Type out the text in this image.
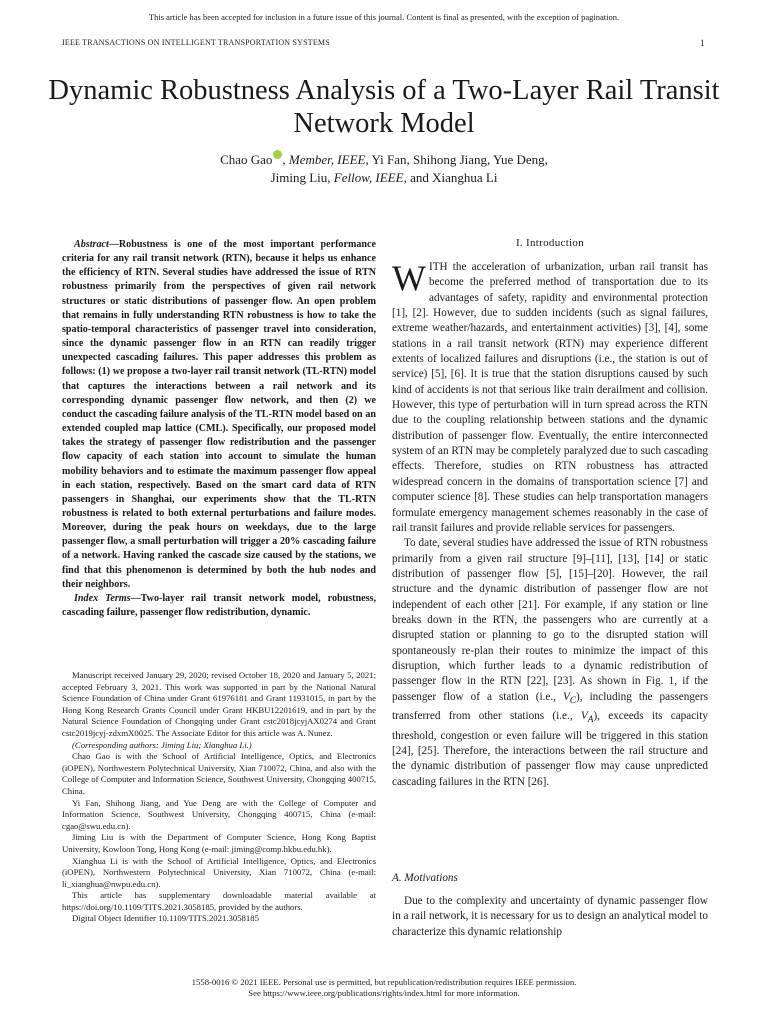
This article has been accepted for inclusion in a future issue of this journal. Content is final as presented, with the exception of pagination.
IEEE TRANSACTIONS ON INTELLIGENT TRANSPORTATION SYSTEMS	1
Dynamic Robustness Analysis of a Two-Layer Rail Transit Network Model
Chao Gao , Member, IEEE, Yi Fan, Shihong Jiang, Yue Deng,
Jiming Liu, Fellow, IEEE, and Xianghua Li

Abstract—Robustness is one of the most important performance criteria for any rail transit network (RTN), because it helps us enhance the efficiency of RTN. Several studies have addressed the issue of RTN robustness primarily from the perspectives of given rail network structures or static distributions of passenger flow. An open problem that remains in fully understanding RTN robustness is how to take the spatio-temporal characteristics of passenger travel into consideration, since the dynamic passenger flow in an RTN can readily trigger unexpected cascading failures. This paper addresses this problem as follows: (1) we propose a two-layer rail transit network (TL-RTN) model that captures the interactions between a rail network and its corresponding dynamic passenger flow network, and then (2) we conduct the cascading failure analysis of the TL-RTN model based on an extended coupled map lattice (CML). Specifically, our proposed model takes the strategy of passenger flow redistribution and the passenger flow capacity of each station into account to simulate the human mobility behaviors and to estimate the maximum passenger flow appeal in each station, respectively. Based on the smart card data of RTN passengers in Shanghai, our experiments show that the TL-RTN robustness is related to both external perturbations and failure modes. Moreover, during the peak hours on weekdays, due to the large passenger flow, a small perturbation will trigger a 20% cascading failure of a network. Having ranked the cascade size caused by the stations, we find that this phenomenon is determined by both the hub nodes and their neighbors.

Index Terms—Two-layer rail transit network model, robustness, cascading failure, passenger flow redistribution, dynamic.

Manuscript received January 29, 2020; revised October 18, 2020 and January 5, 2021; accepted February 3, 2021. This work was supported in part by the National Natural Science Foundation of China under Grant 61976181 and Grant 11931015, in part by the Hong Kong Research Grants Council under Grant HKBU12201619, and in part by the Natural Science Foundation of Chongqing under Grant cstc2018jcyjAX0274 and Grant cstc2019jcyj-zdxmX0025. The Associate Editor for this article was A. Nunez.

(Corresponding authors: Jiming Liu; Xianghua Li.)

Chao Gao is with the School of Artificial Intelligence, Optics, and Electronics (iOPEN), Northwestern Polytechnical University, Xian 710072, China, and also with the College of Computer and Information Science, Southwest University, Chongqing 400715, China.

Yi Fan, Shihong Jiang, and Yue Deng are with the College of Computer and Information Science, Southwest University, Chongqing 400715, China (e-mail: cgao@swu.edu.cn).

Jiming Liu is with the Department of Computer Science, Hong Kong Baptist University, Kowloon Tong, Hong Kong (e-mail: jiming@comp.hkbu.edu.hk).

Xianghua Li is with the School of Artificial Intelligence, Optics, and Electronics (iOPEN), Northwestern Polytechnical University, Xian 710072, China (e-mail: li_xianghua@nwpu.edu.cn).

This article has supplementary downloadable material available at https://doi.org/10.1109/TITS.2021.3058185, provided by the authors.

Digital Object Identifier 10.1109/TITS.2021.3058185

I. Introduction

WITH the acceleration of urbanization, urban rail transit has become the preferred method of transportation due to its advantages of safety, rapidity and environmental protection [1], [2]. However, due to sudden incidents (such as signal failures, extreme weather/hazards, and entertainment activities) [3], [4], some stations in a rail transit network (RTN) may experience different extents of localized failures and disruptions (i.e., the station is out of service) [5], [6]. It is true that the station disruptions caused by such kind of accidents is not that serious like train derailment and collision. However, this type of perturbation will in turn spread across the RTN due to the coupling relationship between stations and the dynamic distribution of passenger flow. Eventually, the entire interconnected system of an RTN may be completely paralyzed due to such cascading effects. Therefore, studies on RTN robustness has attracted widespread concern in the domains of transportation science [7] and computer science [8]. These studies can help transportation managers formulate emergency management schemes reasonably in the case of rail transit failures and provide reliable services for passengers.

To date, several studies have addressed the issue of RTN robustness primarily from a given rail structure [9]–[11], [13], [14] or static distribution of passenger flow [5], [15]–[20]. However, the rail structure and the dynamic distribution of passenger flow are not independent of each other [21]. For example, if any station or line breaks down in the RTN, the passengers who are currently at a disrupted station or planning to go to the disrupted station will spontaneously re-plan their routes to minimize the impact of this disruption, which further leads to a dynamic redistribution of passenger flow in the RTN [22], [23]. As shown in Fig. 1, if the passenger flow of a station (i.e., $V_C$), including the passengers transferred from other stations (i.e., $V_A$), exceeds its capacity threshold, congestion or even failure will be triggered in this station [24], [25]. Therefore, the interactions between the rail structure and the dynamic distribution of passenger flow may cause unpredicted cascading failures in the RTN [26].

A. Motivations

Due to the complexity and uncertainty of dynamic passenger flow in a rail network, it is necessary for us to design an analytical model to characterize this dynamic relationship

1558-0016 © 2021 IEEE. Personal use is permitted, but republication/redistribution requires IEEE permission.
See https://www.ieee.org/publications/rights/index.html for more information.
